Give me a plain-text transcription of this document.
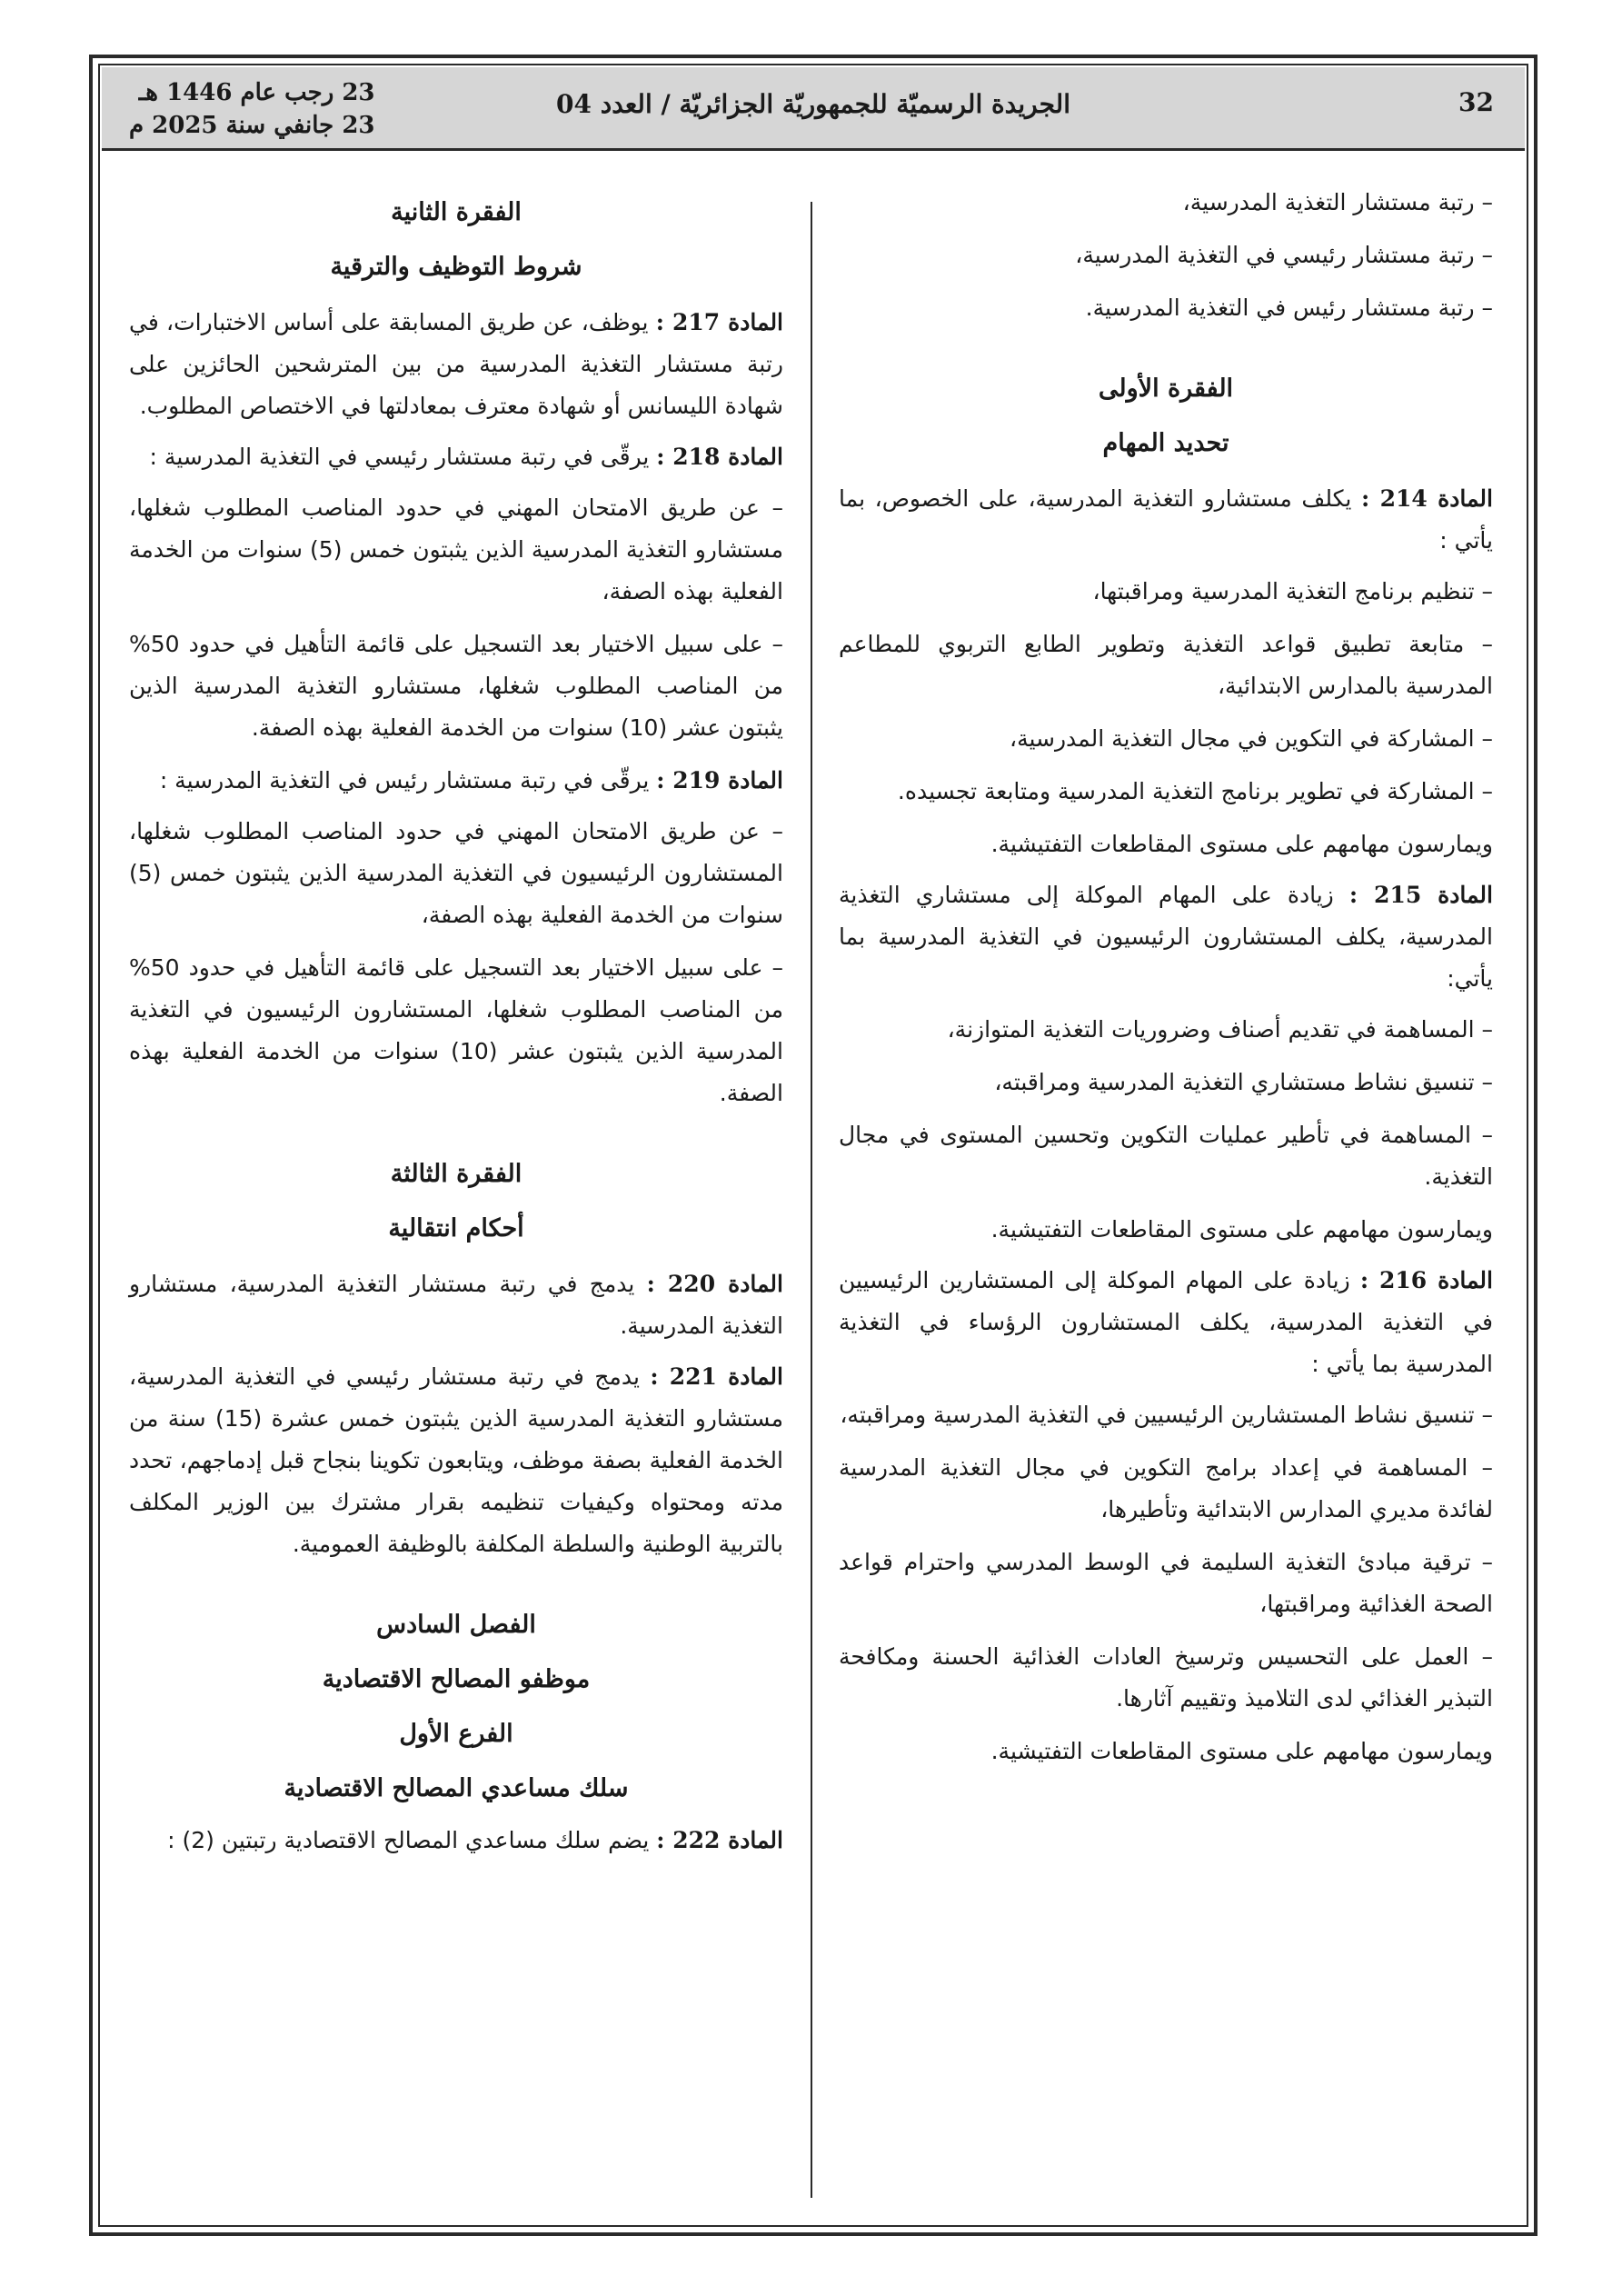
32
الجريدة الرسميّة للجمهوريّة الجزائريّة / العدد 04
23 رجب عام 1446 هـ
23 جانفي سنة 2025 م

– رتبة مستشار التغذية المدرسية،

– رتبة مستشار رئيسي في التغذية المدرسية،

– رتبة مستشار رئيس في التغذية المدرسية.

الفقرة الأولى
تحديد المهام

المادة 214 : يكلف مستشارو التغذية المدرسية، على الخصوص، بما يأتي :

– تنظيم برنامج التغذية المدرسية ومراقبتها،

– متابعة تطبيق قواعد التغذية وتطوير الطابع التربوي للمطاعم المدرسية بالمدارس الابتدائية،

– المشاركة في التكوين في مجال التغذية المدرسية،

– المشاركة في تطوير برنامج التغذية المدرسية ومتابعة تجسيده.

ويمارسون مهامهم على مستوى المقاطعات التفتيشية.

المادة 215 : زيادة على المهام الموكلة إلى مستشاري التغذية المدرسية، يكلف المستشارون الرئيسيون في التغذية المدرسية بما يأتي:

– المساهمة في تقديم أصناف وضروريات التغذية المتوازنة،

– تنسيق نشاط مستشاري التغذية المدرسية ومراقبته،

– المساهمة في تأطير عمليات التكوين وتحسين المستوى في مجال التغذية.

ويمارسون مهامهم على مستوى المقاطعات التفتيشية.

المادة 216 : زيادة على المهام الموكلة إلى المستشارين الرئيسيين في التغذية المدرسية، يكلف المستشارون الرؤساء في التغذية المدرسية بما يأتي :

– تنسيق نشاط المستشارين الرئيسيين في التغذية المدرسية ومراقبته،

– المساهمة في إعداد برامج التكوين في مجال التغذية المدرسية لفائدة مديري المدارس الابتدائية وتأطيرها،

– ترقية مبادئ التغذية السليمة في الوسط المدرسي واحترام قواعد الصحة الغذائية ومراقبتها،

– العمل على التحسيس وترسيخ العادات الغذائية الحسنة ومكافحة التبذير الغذائي لدى التلاميذ وتقييم آثارها.

ويمارسون مهامهم على مستوى المقاطعات التفتيشية.

الفقرة الثانية
شروط التوظيف والترقية

المادة 217 : يوظف، عن طريق المسابقة على أساس الاختبارات، في رتبة مستشار التغذية المدرسية من بين المترشحين الحائزين على شهادة الليسانس أو شهادة معترف بمعادلتها في الاختصاص المطلوب.

المادة 218 : يرقّى في رتبة مستشار رئيسي في التغذية المدرسية :

– عن طريق الامتحان المهني في حدود المناصب المطلوب شغلها، مستشارو التغذية المدرسية الذين يثبتون خمس (5) سنوات من الخدمة الفعلية بهذه الصفة،

– على سبيل الاختيار بعد التسجيل على قائمة التأهيل في حدود 50% من المناصب المطلوب شغلها، مستشارو التغذية المدرسية الذين يثبتون عشر (10) سنوات من الخدمة الفعلية بهذه الصفة.

المادة 219 : يرقّى في رتبة مستشار رئيس في التغذية المدرسية :

– عن طريق الامتحان المهني في حدود المناصب المطلوب شغلها، المستشارون الرئيسيون في التغذية المدرسية الذين يثبتون خمس (5) سنوات من الخدمة الفعلية بهذه الصفة،

– على سبيل الاختيار بعد التسجيل على قائمة التأهيل في حدود 50% من المناصب المطلوب شغلها، المستشارون الرئيسيون في التغذية المدرسية الذين يثبتون عشر (10) سنوات من الخدمة الفعلية بهذه الصفة.

الفقرة الثالثة
أحكام انتقالية

المادة 220 : يدمج في رتبة مستشار التغذية المدرسية، مستشارو التغذية المدرسية.

المادة 221 : يدمج في رتبة مستشار رئيسي في التغذية المدرسية، مستشارو التغذية المدرسية الذين يثبتون خمس عشرة (15) سنة من الخدمة الفعلية بصفة موظف، ويتابعون تكوينا بنجاح قبل إدماجهم، تحدد مدته ومحتواه وكيفيات تنظيمه بقرار مشترك بين الوزير المكلف بالتربية الوطنية والسلطة المكلفة بالوظيفة العمومية.

الفصل السادس
موظفو المصالح الاقتصادية
الفرع الأول
سلك مساعدي المصالح الاقتصادية

المادة 222 : يضم سلك مساعدي المصالح الاقتصادية رتبتين (2) :
